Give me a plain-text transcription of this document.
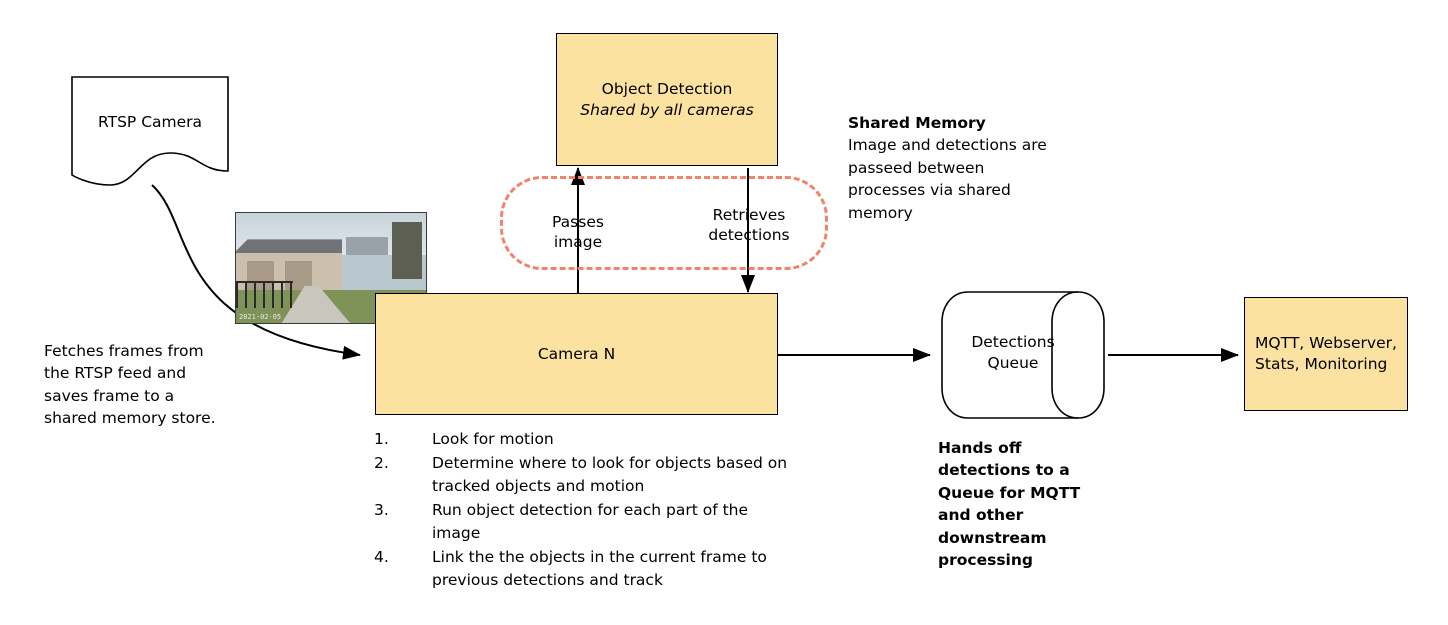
RTSP Camera
Fetches frames from the RTSP feed and saves frame to a shared memory store.
2021-02-05
Object Detection
Shared by all cameras
Passes
image
Retrieves
detections
Shared Memory
Image and detections are passeed between processes via shared memory
Camera N
1.	Look for motion
2.	Determine where to look for objects based on tracked objects and motion
3.	Run object detection for each part of the image
4.	Link the the objects in the current frame to previous detections and track
Detections
Queue
Hands off detections to a Queue for MQTT and other downstream processing
MQTT, Webserver,
Stats, Monitoring
